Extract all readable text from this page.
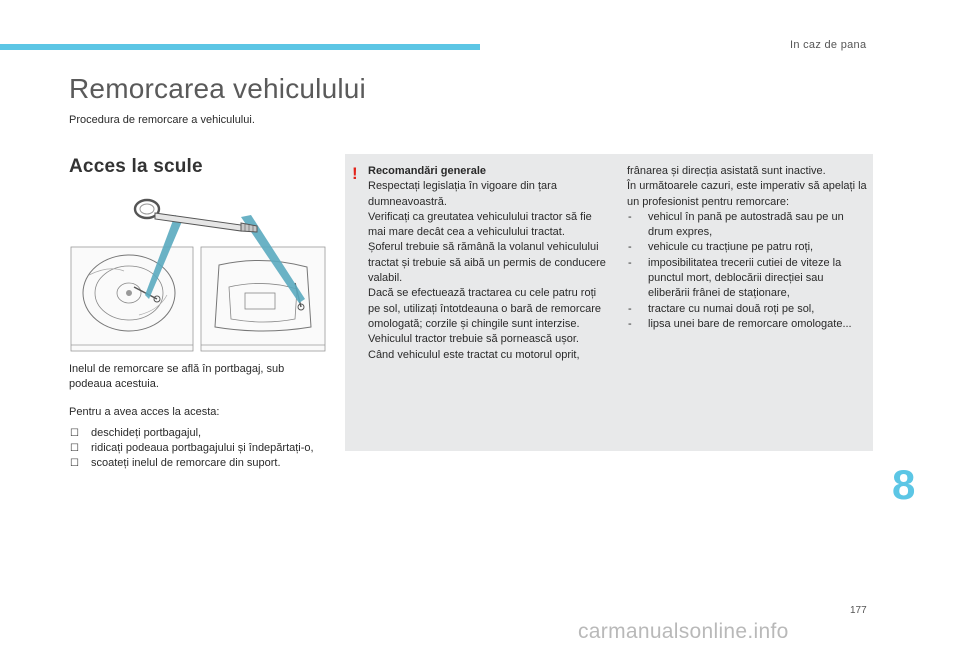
In caz de pana
Remorcarea vehiculului

Procedura de remorcare a vehiculului.

Acces la scule

Inelul de remorcare se află în portbagaj, sub podeaua acestuia.

Pentru a avea acces la acesta:

☐ deschideți portbagajul,
☐ ridicați podeaua portbagajului și îndepărtați-o,
☐ scoateți inelul de remorcare din suport.
! Recomandări generale
Respectați legislația în vigoare din țara dumneavoastră.
Verificați ca greutatea vehiculului tractor să fie mai mare decât cea a vehiculului tractat.
Șoferul trebuie să rămână la volanul vehiculului tractat și trebuie să aibă un permis de conducere valabil.
Dacă se efectuează tractarea cu cele patru roți pe sol, utilizați întotdeauna o bară de remorcare omologată; corzile și chingile sunt interzise.
Vehiculul tractor trebuie să pornească ușor.
Când vehiculul este tractat cu motorul oprit,

frânarea și direcția asistată sunt inactive.

În următoarele cazuri, este imperativ să apelați la un profesionist pentru remorcare:

- vehicul în pană pe autostradă sau pe un drum expres,
- vehicule cu tracțiune pe patru roți,
- imposibilitatea trecerii cutiei de viteze la punctul mort, deblocării direcției sau eliberării frânei de staționare,
- tractare cu numai două roți pe sol,
- lipsa unei bare de remorcare omologate...
8
177
carmanualsonline.info
